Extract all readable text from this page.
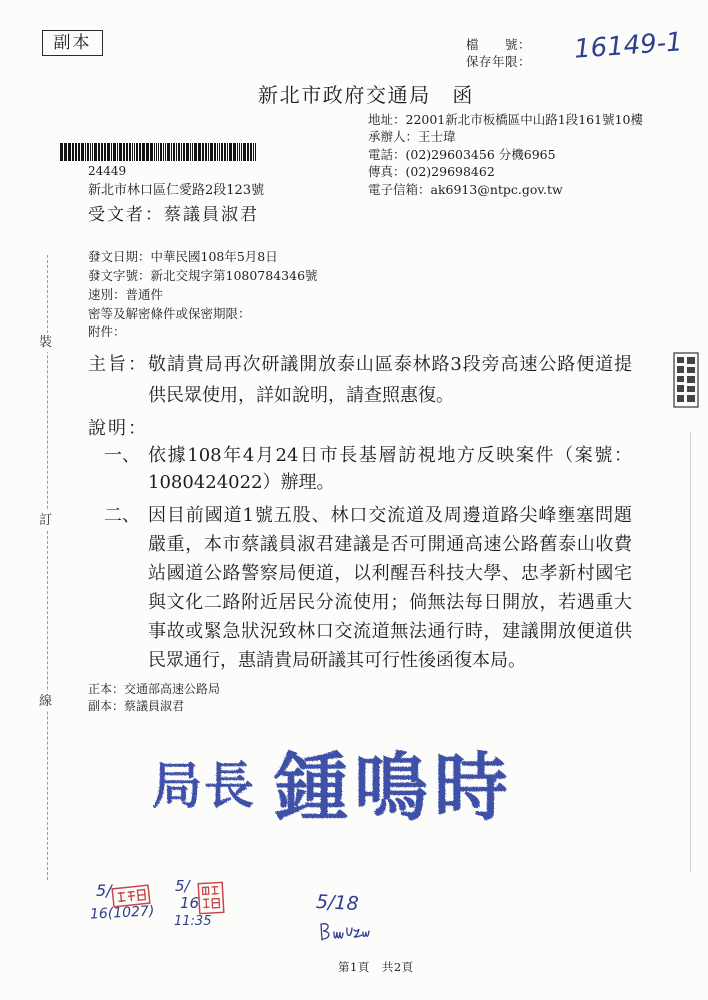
副本	檔　　號：
保存年限： 16149-1
新北市政府交通局　函
地址：22001新北市板橋區中山路1段161號10樓
承辦人：王士瑋
電話：(02)29603456 分機6965
傳真：(02)29698462
電子信箱：ak6913@ntpc.gov.tw
24449
新北市林口區仁愛路2段123號
受文者：蔡議員淑君
發文日期：中華民國108年5月8日
發文字號：新北交規字第1080784346號
速別：普通件
密等及解密條件或保密期限：
附件：
主旨： 敬請貴局再次研議開放泰山區泰林路3段旁高速公路便道提
供民眾使用，詳如說明，請查照惠復。
說明：
一、 依據108年4月24日市長基層訪視地方反映案件（案號：
1080424022）辦理。
二、 因目前國道1號五股、林口交流道及周邊道路尖峰壅塞問題
嚴重，本市蔡議員淑君建議是否可開通高速公路舊泰山收費
站國道公路警察局便道，以利醒吾科技大學、忠孝新村國宅
與文化二路附近居民分流使用；倘無法每日開放，若遇重大
事故或緊急狀況致林口交流道無法通行時，建議開放便道供
民眾通行，惠請貴局研議其可行性後函復本局。
正本：交通部高速公路局
副本：蔡議員淑君
局長 鍾鳴時
裝
訂
線
5/
16(1027)
5/
16
11:35
5/18
第1頁　共2頁
